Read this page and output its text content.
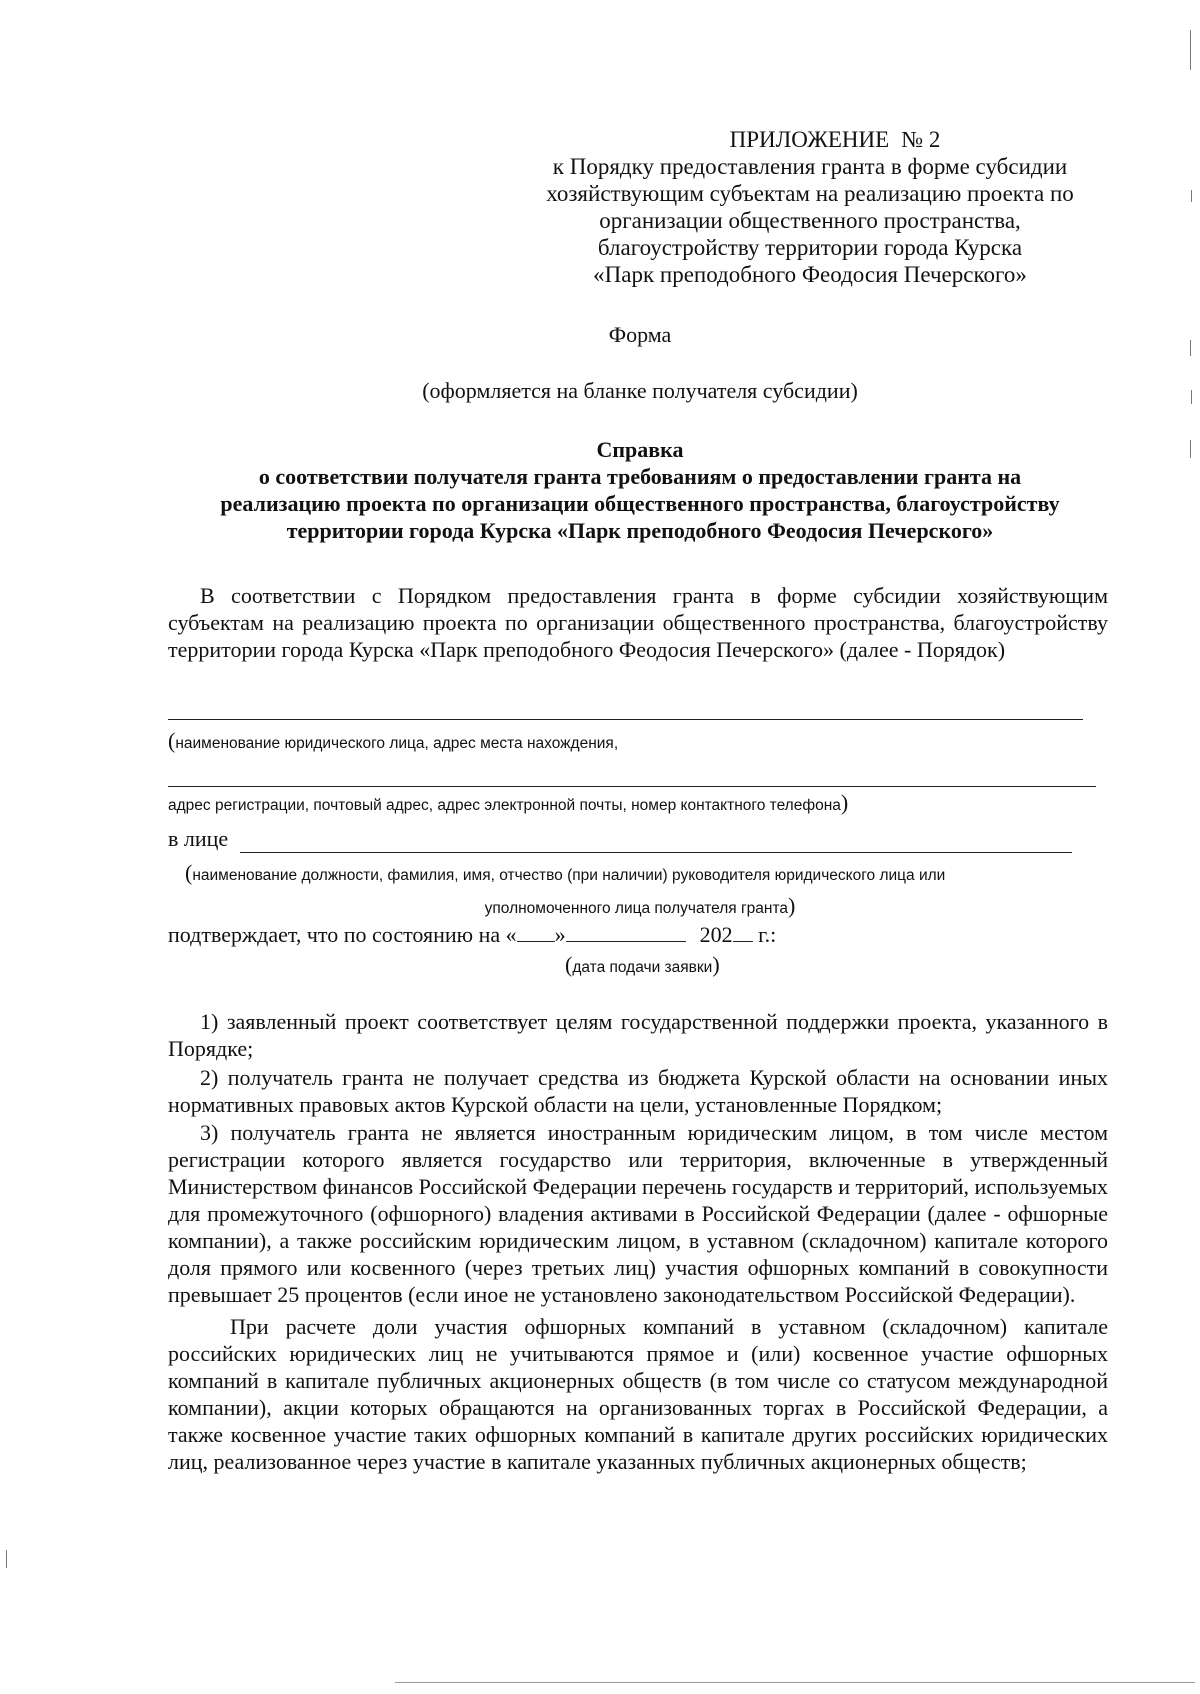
ПРИЛОЖЕНИЕ № 2
к Порядку предоставления гранта в форме субсидии
хозяйствующим субъектам на реализацию проекта по
организации общественного пространства,
благоустройству территории города Курска
«Парк преподобного Феодосия Печерского»
Форма
(оформляется на бланке получателя субсидии)
Справка
о соответствии получателя гранта требованиям о предоставлении гранта на
реализацию проекта по организации общественного пространства, благоустройству
территории города Курска «Парк преподобного Феодосия Печерского»
В соответствии с Порядком предоставления гранта в форме субсидии хозяйствующим субъектам на реализацию проекта по организации общественного пространства, благоустройству территории города Курска «Парк преподобного Феодосия Печерского» (далее - Порядок)
(наименование юридического лица, адрес места нахождения,
адрес регистрации, почтовый адрес, адрес электронной почты, номер контактного телефона)
в лице
(наименование должности, фамилия, имя, отчество (при наличии) руководителя юридического лица или
уполномоченного лица получателя гранта)
подтверждает, что по состоянию на « »	202 г.:
(дата подачи заявки)
1) заявленный проект соответствует целям государственной поддержки проекта, указанного в Порядке;
2) получатель гранта не получает средства из бюджета Курской области на основании иных нормативных правовых актов Курской области на цели, установленные Порядком;
3) получатель гранта не является иностранным юридическим лицом, в том числе местом регистрации которого является государство или территория, включенные в утвержденный Министерством финансов Российской Федерации перечень государств и территорий, используемых для промежуточного (офшорного) владения активами в Российской Федерации (далее - офшорные компании), а также российским юридическим лицом, в уставном (складочном) капитале которого доля прямого или косвенного (через третьих лиц) участия офшорных компаний в совокупности превышает 25 процентов (если иное не установлено законодательством Российской Федерации).
При расчете доли участия офшорных компаний в уставном (складочном) капитале российских юридических лиц не учитываются прямое и (или) косвенное участие офшорных компаний в капитале публичных акционерных обществ (в том числе со статусом международной компании), акции которых обращаются на организованных торгах в Российской Федерации, а также косвенное участие таких офшорных компаний в капитале других российских юридических лиц, реализованное через участие в капитале указанных публичных акционерных обществ;
